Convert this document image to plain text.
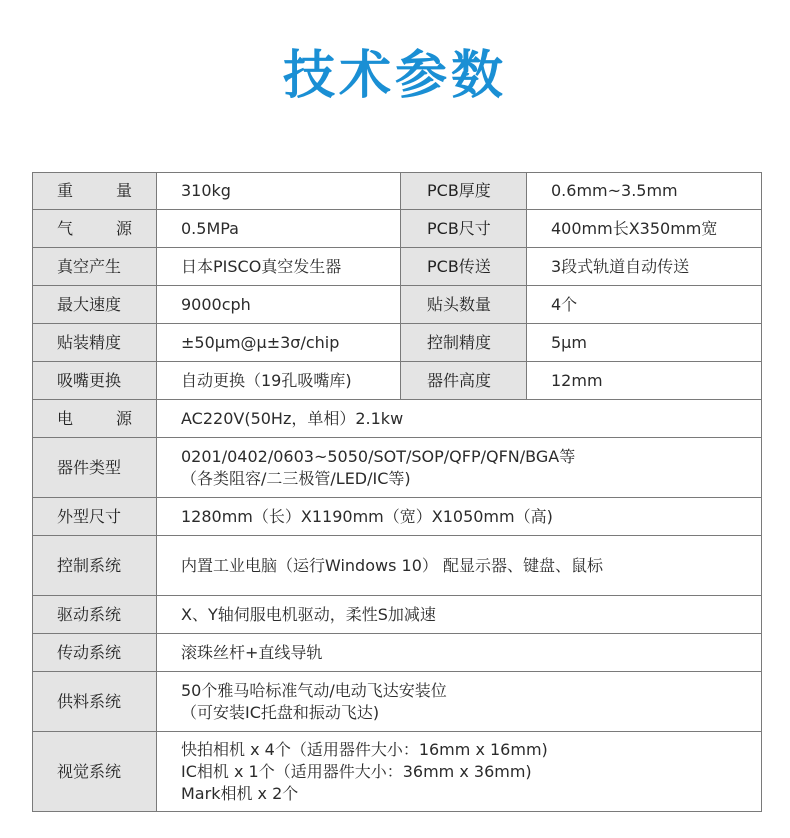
技术参数
重　　量	310kg	PCB厚度	0.6mm~3.5mm
气　　源	0.5MPa	PCB尺寸	400mm长X350mm宽
真空产生	日本PISCO真空发生器	PCB传送	3段式轨道自动传送
最大速度	9000cph	贴头数量	4个
贴装精度	±50μm@μ±3σ/chip	控制精度	5μm
吸嘴更换	自动更换（19孔吸嘴库)	器件高度	12mm
电　　源	AC220V(50Hz，单相）2.1kw		

器件类型	0201/0402/0603~5050/SOT/SOP/QFP/QFN/BGA等
（各类阻容/二三极管/LED/IC等)		

外型尺寸	1280mm（长）X1190mm（宽）X1050mm（高)		

控制系统	内置工业电脑（运行Windows 10） 配显示器、键盘、鼠标		

驱动系统	X、Y轴伺服电机驱动，柔性S加减速		

传动系统	滚珠丝杆+直线导轨		

供料系统	50个雅马哈标准气动/电动飞达安装位
（可安装IC托盘和振动飞达)		

视觉系统	快拍相机 x 4个（适用器件大小：16mm x 16mm)
IC相机 x 1个（适用器件大小：36mm x 36mm)
Mark相机 x 2个		
